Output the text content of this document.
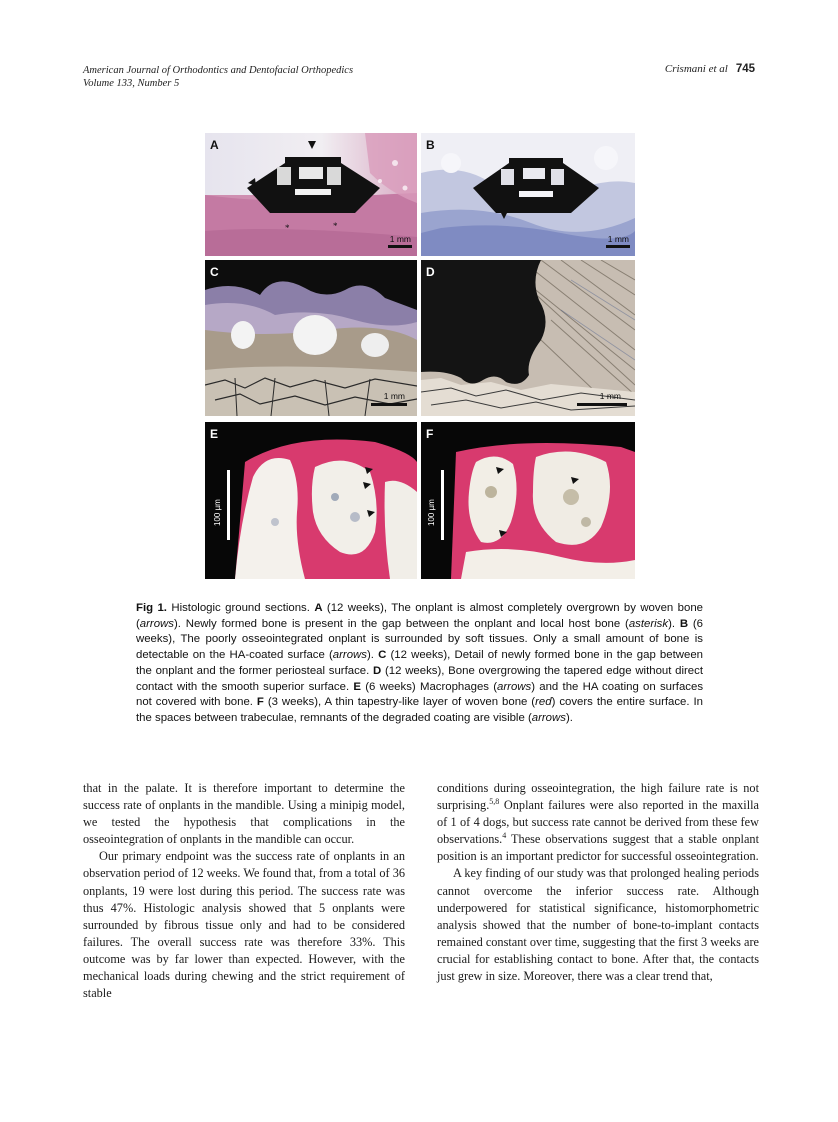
American Journal of Orthodontics and Dentofacial Orthopedics
Volume 133, Number 5
Crismani et al 745
*	*
A
1 mm
B
1 mm
C
1 mm
D
1 mm
E
100 µm
F
100 µm
Fig 1. Histologic ground sections. A (12 weeks), The onplant is almost completely overgrown by woven bone (arrows). Newly formed bone is present in the gap between the onplant and local host bone (asterisk). B (6 weeks), The poorly osseointegrated onplant is surrounded by soft tissues. Only a small amount of bone is detectable on the HA-coated surface (arrows). C (12 weeks), Detail of newly formed bone in the gap between the onplant and the former periosteal surface. D (12 weeks), Bone overgrowing the tapered edge without direct contact with the smooth superior surface. E (6 weeks) Macrophages (arrows) and the HA coating on surfaces not covered with bone. F (3 weeks), A thin tapestry-like layer of woven bone (red) covers the entire surface. In the spaces between trabeculae, remnants of the degraded coating are visible (arrows).

that in the palate. It is therefore important to determine the success rate of onplants in the mandible. Using a minipig model, we tested the hypothesis that complications in the osseointegration of onplants in the mandible can occur.

Our primary endpoint was the success rate of onplants in an observation period of 12 weeks. We found that, from a total of 36 onplants, 19 were lost during this period. The success rate was thus 47%. Histologic analysis showed that 5 onplants were surrounded by fibrous tissue only and had to be considered failures. The overall success rate was therefore 33%. This outcome was by far lower than expected. However, with the mechanical loads during chewing and the strict requirement of stable

conditions during osseointegration, the high failure rate is not surprising.$^{5,8}$ Onplant failures were also reported in the maxilla of 1 of 4 dogs, but success rate cannot be derived from these few observations.$^4$ These observations suggest that a stable onplant position is an important predictor for successful osseointegration.

A key finding of our study was that prolonged healing periods cannot overcome the inferior success rate. Although underpowered for statistical significance, histomorphometric analysis showed that the number of bone-to-implant contacts remained constant over time, suggesting that the first 3 weeks are crucial for establishing contact to bone. After that, the contacts just grew in size. Moreover, there was a clear trend that,
